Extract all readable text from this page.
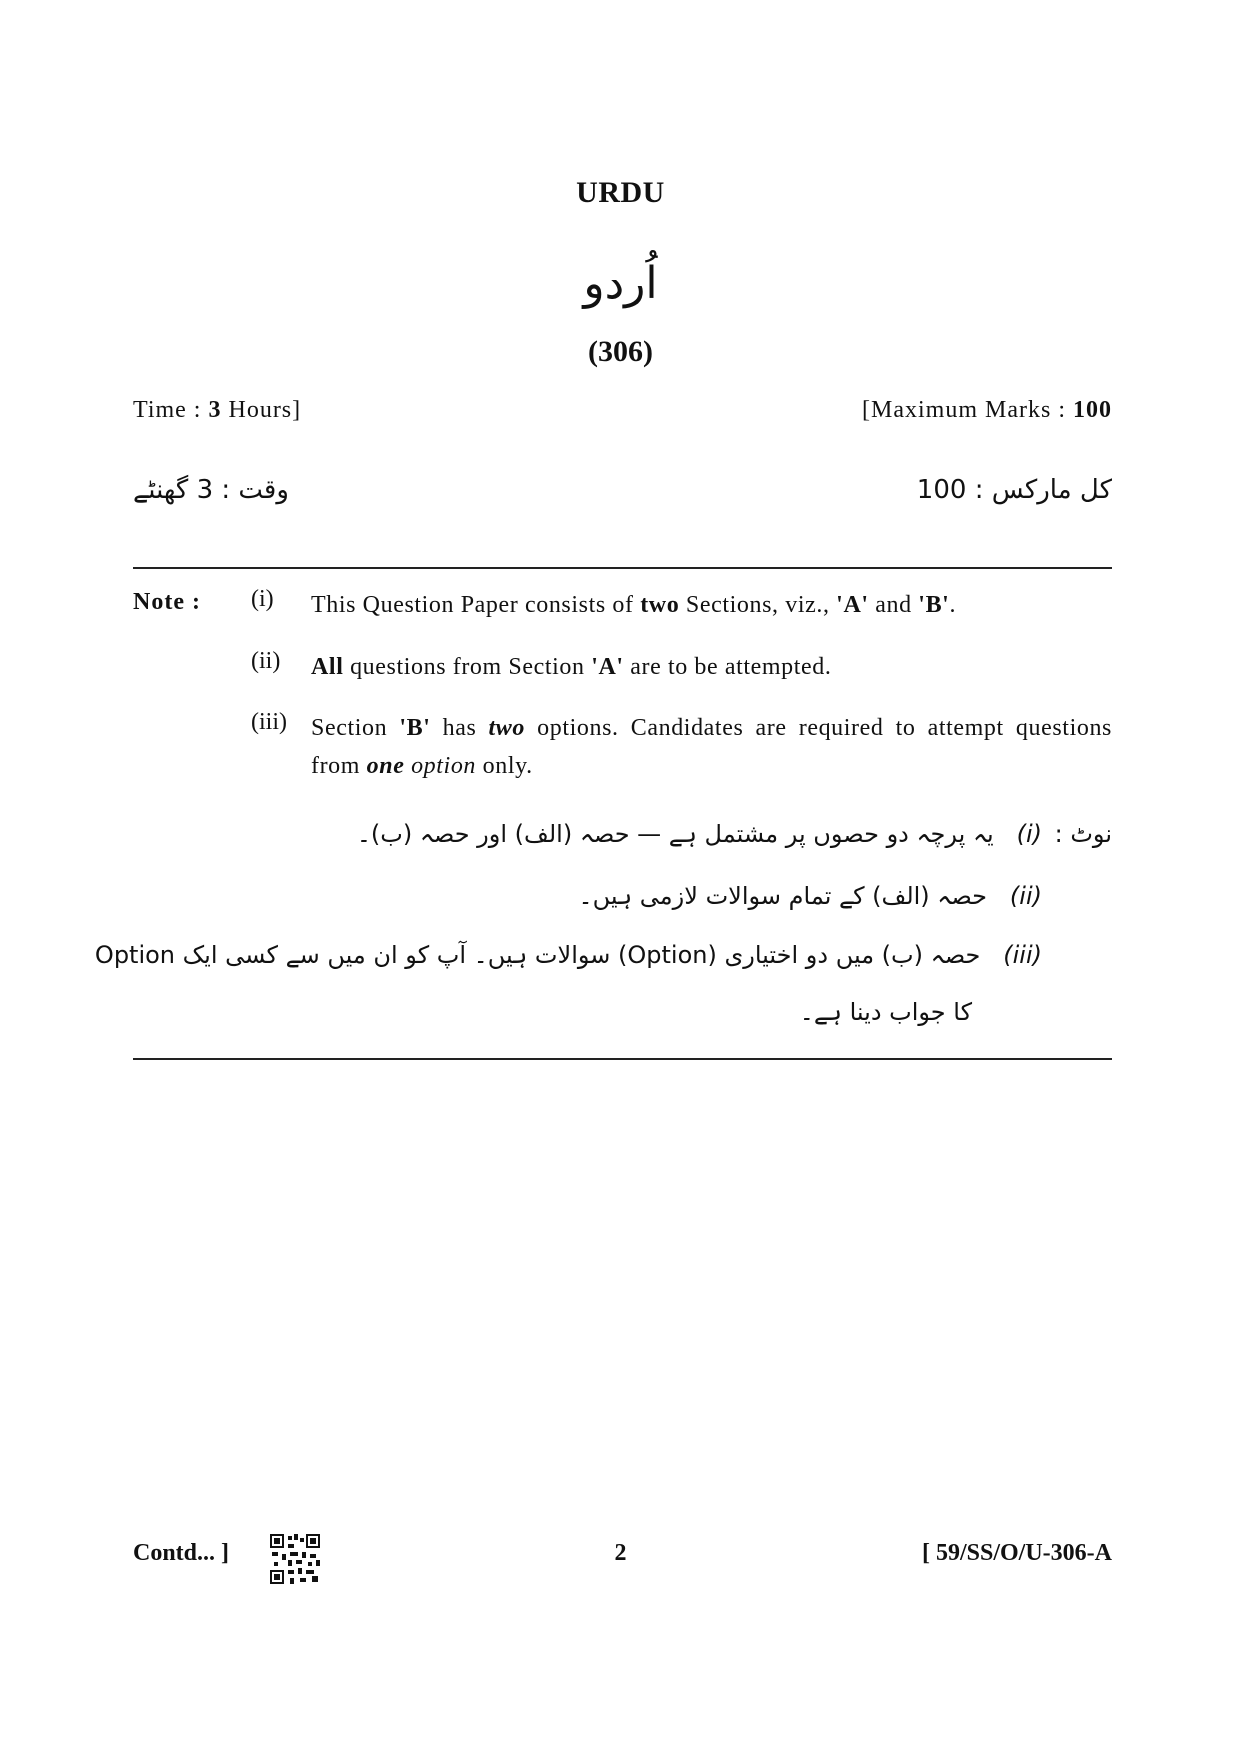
URDU
اُردو
(306)
Time : 3 Hours]	[Maximum Marks : 100
وقت : 3 گھنٹے	کل مارکس : 100
Note : (i) This Question Paper consists of two Sections, viz., 'A' and 'B'.
(ii) All questions from Section 'A' are to be attempted.
(iii) Section 'B' has two options. Candidates are required to attempt questions from one option only.
نوٹ :
(i)   یہ پرچہ دو حصوں پر مشتمل ہے — حصہ (الف) اور حصہ (ب)۔
(ii)   حصہ (الف) کے تمام سوالات لازمی ہیں۔
(iii)   حصہ (ب) میں دو اختیاری (Option) سوالات ہیں۔ آپ کو ان میں سے کسی ایک Option
کا جواب دینا ہے۔
Contd... ]	2	[ 59/SS/O/U-306-A
